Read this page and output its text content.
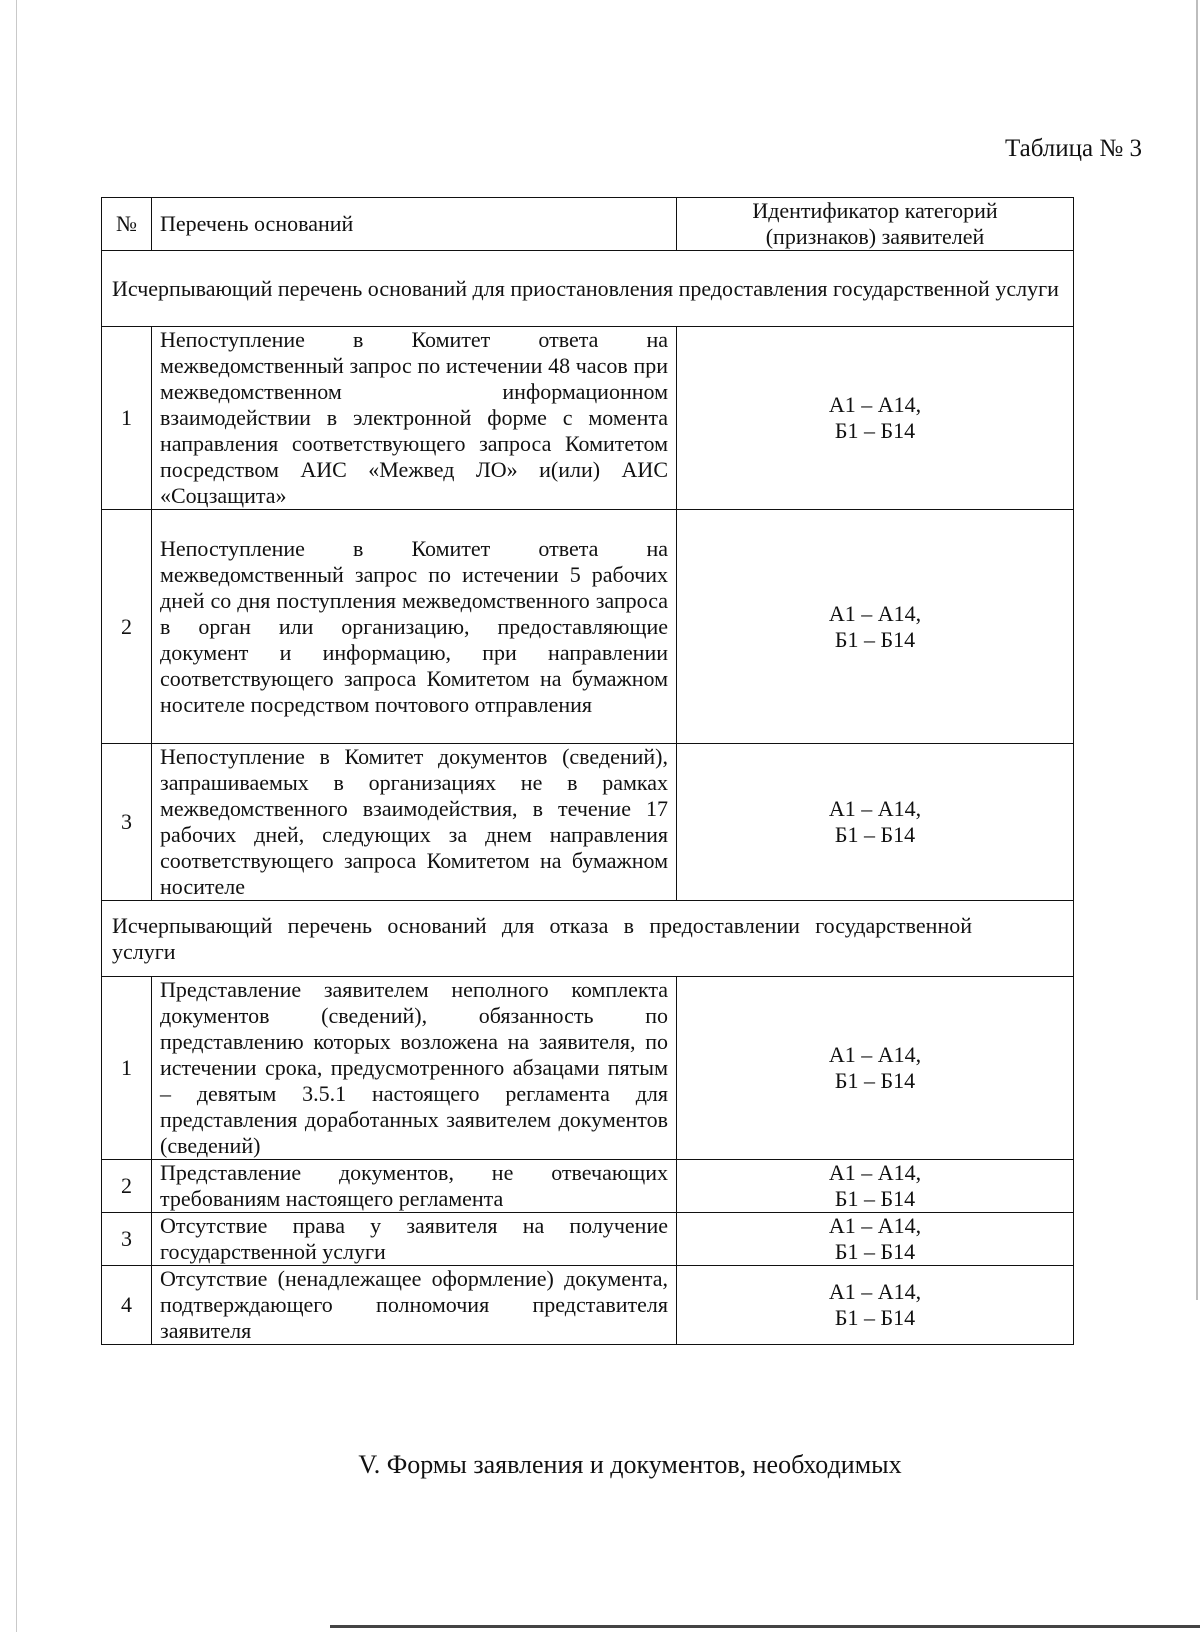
Таблица № 3
№	Перечень оснований	Идентификатор категорий
(признаков) заявителей

Исчерпывающий перечень оснований для приостановления предоставления государственной услуги		
1	Непоступление в Комитет ответа на межведомственный запрос по истечении 48 часов при межведомственном информационном взаимодействии в электронной форме с момента направления соответствующего запроса Комитетом посредством АИС «Межвед ЛО» и(или) АИС «Соцзащита»	А1 – А14,
Б1 – Б14

2	Непоступление в Комитет ответа на межведомственный запрос по истечении 5 рабочих дней со дня поступления межведомственного запроса в орган или организацию, предоставляющие документ и информацию, при направлении соответствующего запроса Комитетом на бумажном носителе посредством почтового отправления	А1 – А14,
Б1 – Б14

3	Непоступление в Комитет документов (сведений), запрашиваемых в организациях не в рамках межведомственного взаимодействия, в течение 17 рабочих дней, следующих за днем направления соответствующего запроса Комитетом на бумажном носителе	А1 – А14,
Б1 – Б14

Исчерпывающий перечень оснований для отказа в предоставлении государственной услуги		

1	Представление заявителем неполного комплекта документов (сведений), обязанность по представлению которых возложена на заявителя, по истечении срока, предусмотренного абзацами пятым – девятым 3.5.1 настоящего регламента для представления доработанных заявителем документов (сведений)	А1 – А14,
Б1 – Б14

2	Представление документов, не отвечающих требованиям настоящего регламента	А1 – А14,
Б1 – Б14

3	Отсутствие права у заявителя на получение государственной услуги	А1 – А14,
Б1 – Б14

4	Отсутствие (ненадлежащее оформление) документа, подтверждающего полномочия представителя заявителя	А1 – А14,
Б1 – Б14
V. Формы заявления и документов, необходимых
